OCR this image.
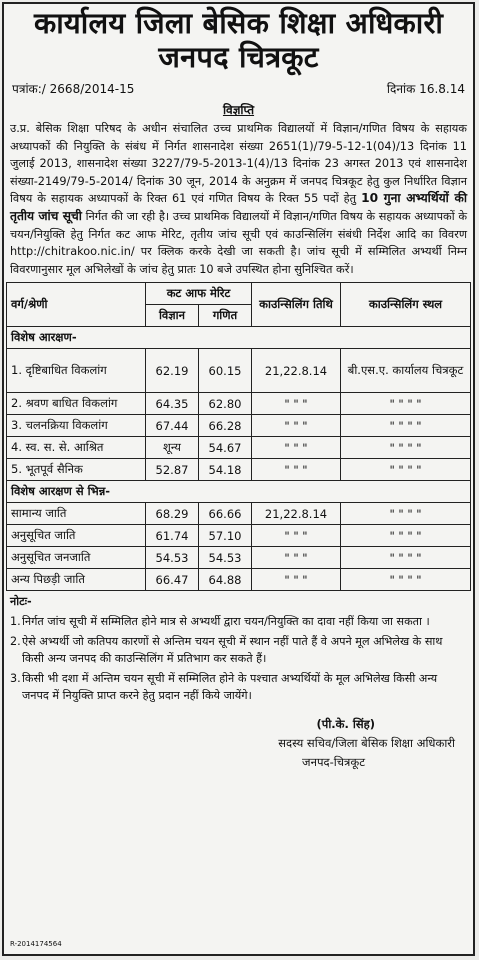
कार्यालय जिला बेसिक शिक्षा अधिकारी
जनपद चित्रकूट
पत्रांक:/ 2668/2014-15	दिनांक 16.8.14
विज्ञप्ति
उ.प्र. बेसिक शिक्षा परिषद के अधीन संचालित उच्च प्राथमिक विद्यालयों में विज्ञान/गणित विषय के सहायक अध्यापकों की नियुक्ति के संबंध में निर्गत शासनादेश संख्या 2651(1)/79-5-12-1(04)/13 दिनांक 11 जुलाई 2013, शासनादेश संख्या 3227/79-5-2013-1(4)/13 दिनांक 23 अगस्त 2013 एवं शासनादेश संख्या-2149/79-5-2014/ दिनांक 30 जून, 2014 के अनुक्रम में जनपद चित्रकूट हेतु कुल निर्धारित विज्ञान विषय के सहायक अध्यापकों के रिक्त 61 एवं गणित विषय के रिक्त 55 पदों हेतु 10 गुना अभ्यर्थियों की तृतीय जांच सूची निर्गत की जा रही है। उच्च प्राथमिक विद्यालयों में विज्ञान/गणित विषय के सहायक अध्यापकों के चयन/नियुक्ति हेतु निर्गत कट आफ मेरिट, तृतीय जांच सूची एवं काउन्सिलिंग संबंधी निर्देश आदि का विवरण http://chitrakoo.nic.in/ पर क्लिक करके देखी जा सकती है। जांच सूची में सम्मिलित अभ्यर्थी निम्न विवरणानुसार मूल अभिलेखों के जांच हेतु प्रातः 10 बजे उपस्थित होना सुनिश्चित करें।
वर्ग/श्रेणी	कट आफ मेरिट		काउन्सिलिंग तिथि	काउन्सिलिंग स्थल
	विज्ञान	गणित		
विशेष आरक्षण-				
1. दृष्टिबाधित विकलांग	62.19	60.15	21,22.8.14	बी.एस.ए. कार्यालय चित्रकूट
2. श्रवण बाधित विकलांग	64.35	62.80	" " "	" " " "
3. चलनक्रिया विकलांग	67.44	66.28	" " "	" " " "
4. स्व. स. से. आश्रित	शून्य	54.67	" " "	" " " "
5. भूतपूर्व सैनिक	52.87	54.18	" " "	" " " "
विशेष आरक्षण से भिन्न-				
सामान्य जाति	68.29	66.66	21,22.8.14	" " " "
अनुसूचित जाति	61.74	57.10	" " "	" " " "
अनुसूचित जनजाति	54.53	54.53	" " "	" " " "
अन्य पिछड़ी जाति	66.47	64.88	" " "	" " " "
नोटः-
1. निर्गत जांच सूची में सम्मिलित होने मात्र से अभ्यर्थी द्वारा चयन/नियुक्ति का दावा नहीं किया जा सकता ।
2. ऐसे अभ्यर्थी जो कतिपय कारणों से अन्तिम चयन सूची में स्थान नहीं पाते हैं वे अपने मूल अभिलेख के साथ किसी अन्य जनपद की काउन्सिलिंग में प्रतिभाग कर सकते हैं।
3. किसी भी दशा में अन्तिम चयन सूची में सम्मिलित होने के पश्चात अभ्यर्थियों के मूल अभिलेख किसी अन्य जनपद में नियुक्ति प्राप्त करने हेतु प्रदान नहीं किये जायेंगे।
(पी.के. सिंह)
सदस्य सचिव/जिला बेसिक शिक्षा अधिकारी
जनपद-चित्रकूट
R-2014174564
